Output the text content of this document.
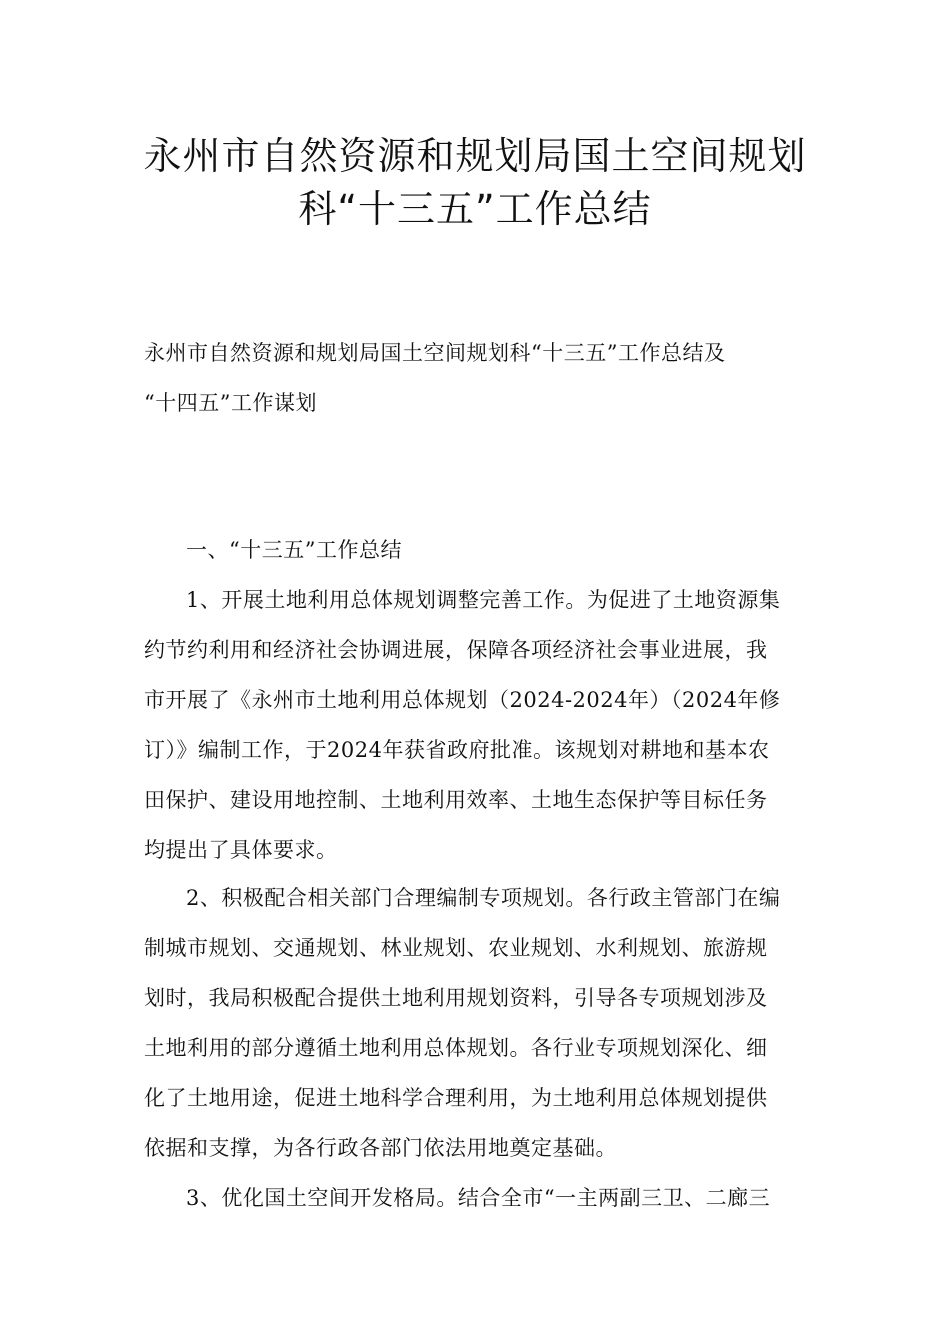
永州市自然资源和规划局国土空间规划
科“十三五”工作总结
永州市自然资源和规划局国土空间规划科“十三五”工作总结及
“十四五”工作谋划
一、“十三五”工作总结
1、开展土地利用总体规划调整完善工作。为促进了土地资源集
约节约利用和经济社会协调进展，保障各项经济社会事业进展，我
市开展了《永州市土地利用总体规划（2024-2024年）（2024年修
订）》编制工作，于2024年获省政府批准。该规划对耕地和基本农
田保护、建设用地控制、土地利用效率、土地生态保护等目标任务
均提出了具体要求。
2、积极配合相关部门合理编制专项规划。各行政主管部门在编
制城市规划、交通规划、林业规划、农业规划、水利规划、旅游规
划时，我局积极配合提供土地利用规划资料，引导各专项规划涉及
土地利用的部分遵循土地利用总体规划。各行业专项规划深化、细
化了土地用途，促进土地科学合理利用，为土地利用总体规划提供
依据和支撑，为各行政各部门依法用地奠定基础。
3、优化国土空间开发格局。结合全市“一主两副三卫、二廊三
